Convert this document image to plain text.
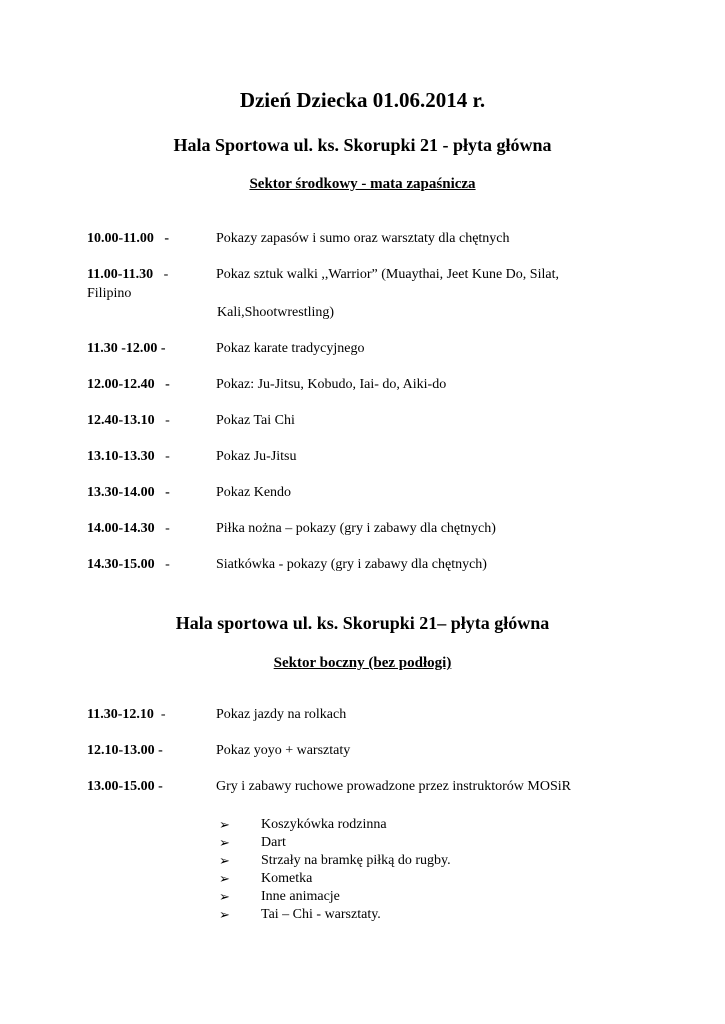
Dzień Dziecka 01.06.2014 r.
Hala Sportowa ul. ks. Skorupki 21 - płyta główna
Sektor środkowy - mata zapaśnicza
10.00-11.00 -	Pokazy zapasów i sumo oraz warsztaty dla chętnych
11.00-11.30 -	Pokaz sztuk walki ,,Warrior” (Muaythai, Jeet Kune Do, Silat,
Filipino
Kali,Shootwrestling)
11.30 -12.00 -	Pokaz karate tradycyjnego
12.00-12.40 -	Pokaz: Ju-Jitsu, Kobudo, Iai- do, Aiki-do
12.40-13.10 -	Pokaz Tai Chi
13.10-13.30 -	Pokaz Ju-Jitsu
13.30-14.00 -	Pokaz Kendo
14.00-14.30 -	Piłka nożna – pokazy (gry i zabawy dla chętnych)
14.30-15.00 -	Siatkówka - pokazy (gry i zabawy dla chętnych)
Hala sportowa ul. ks. Skorupki 21– płyta główna
Sektor boczny (bez podłogi)
11.30-12.10 -	Pokaz jazdy na rolkach
12.10-13.00 -	Pokaz yoyo + warsztaty
13.00-15.00 -	Gry i zabawy ruchowe prowadzone przez instruktorów MOSiR
➢ Koszykówka rodzinna
➢ Dart
➢ Strzały na bramkę piłką do rugby.
➢ Kometka
➢ Inne animacje
➢ Tai – Chi - warsztaty.
